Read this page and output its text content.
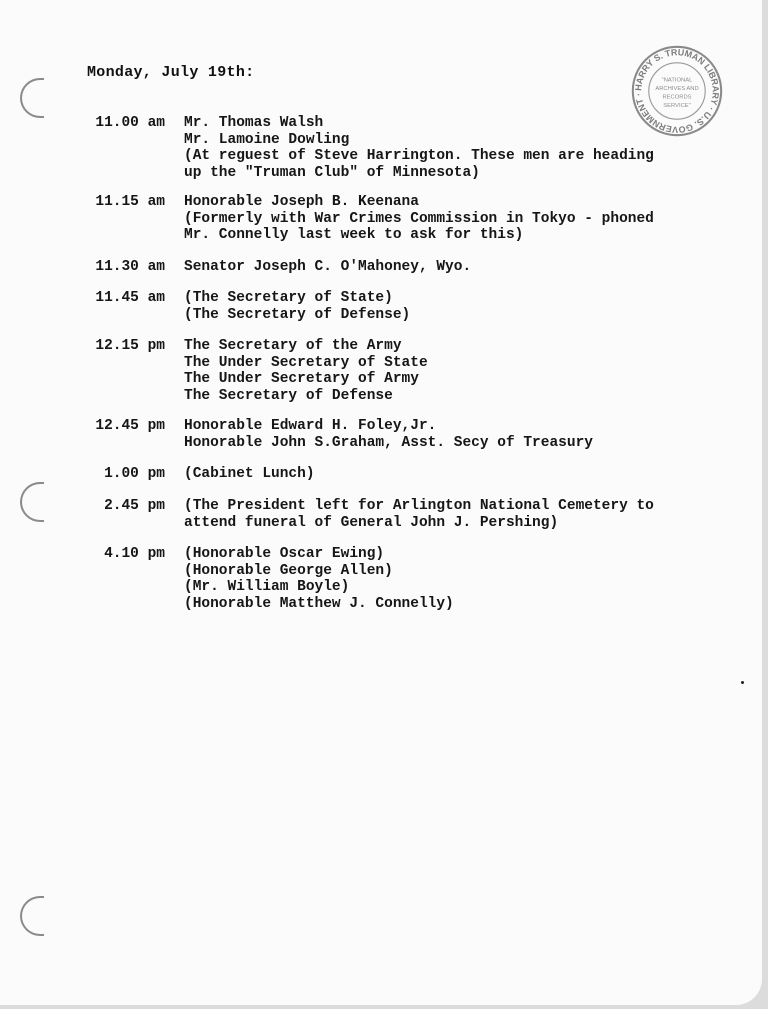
Monday, July 19th:
HARRY S. TRUMAN LIBRARY · U.S. GOVERNMENT ·
"NATIONAL
ARCHIVES AND
RECORDS
SERVICE"
11.00 am Mr. Thomas Walsh
Mr. Lamoine Dowling
(At reguest of Steve Harrington. These men are heading
up the "Truman Club" of Minnesota)
11.15 am Honorable Joseph B. Keenana
(Formerly with War Crimes Commission in Tokyo - phoned
Mr. Connelly last week to ask for this)
11.30 am Senator Joseph C. O'Mahoney, Wyo.
11.45 am (The Secretary of State)
(The Secretary of Defense)
12.15 pm The Secretary of the Army
The Under Secretary of State
The Under Secretary of Army
The Secretary of Defense
12.45 pm Honorable Edward H. Foley,Jr.
Honorable John S.Graham, Asst. Secy of Treasury
1.00 pm (Cabinet Lunch)
2.45 pm (The President left for Arlington National Cemetery to
attend funeral of General John J. Pershing)
4.10 pm (Honorable Oscar Ewing)
(Honorable George Allen)
(Mr. William Boyle)
(Honorable Matthew J. Connelly)
